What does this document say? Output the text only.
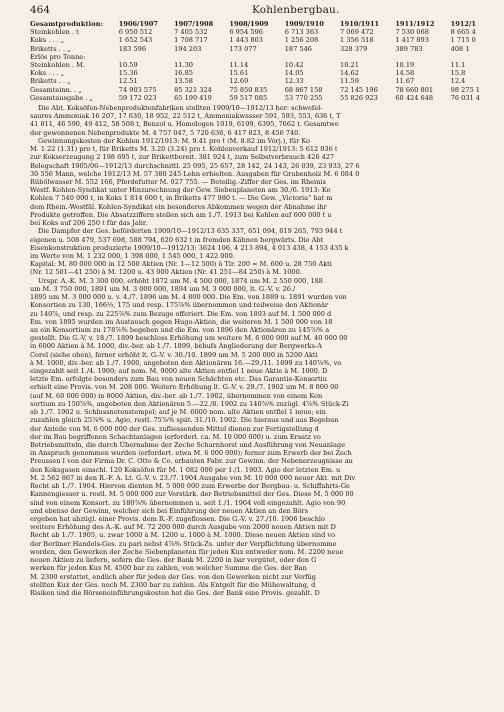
464	Kohlenbergbau.
Gesamtproduktion:	1906/1907	1907/1908	1908/1909	1909/1910	1910/1911	1911/1912	1912/1
Steinkohlen . t	6 950 512	7 405 532	6 954 596	6 713 363	7 069 472	7 530 068	8 665 4
Koks . . . „	1 652 543	1 708 717	1 443 803	1 256 208	1 356 518	1 417 893	1 715 0
Briketts . . „	183 596	194 203	173 077	187 546	328 379	389 783	408 1
Erlös pro Tonne:							
Steinkohlen . M.	10.59	11.30	11.14	10.42	10.21	10.19	11.1
Koks . . . „	15.36	16.85	15.61	14.05	14.62	14.58	15.8
Briketts . . „	12.51	13.58	12.69	12.33	11.59	11.67	12.4
Gesamteinn. . „	74 903 575	85 321 324	75 850 835	68 867 158	72 145 196	78 660 801	98 275 1
Gesamtausgabe . „	59 172 023	65 190 419	59 517 085	53 770 255	55 826 923	60 424 648	76 031 4

Die Abt. Koksöfen-Nebenproduktenfabriken stellten 1909/10—1912/13 her: schwefel-

saures Ammoniak 16 207, 17 630, 18 952, 22 512 t, Ammoniakwasser 591, 593, 553, 636 t, T

41 811, 46 590, 49 412, 58 508 t, Benzol u. Homologen 1019, 6199, 6395, 7662 t. Gesamtwe

der gewonnenen Nebenprodukte M. 4 757 047, 5 720 636, 6 417 823, 8 456 740.

Gewinnungskosten der Kohlen 1912/1913: M. 9.41 pro t (M. 8.82 im Vorj.), für Ko

M. 1.22 (1.31) pro t, für Briketts M. 3.20 (3.24) pro t. Kohlenverkauf 1912/1913: 5 612 036 t

zur Kokserzeugung 2 198 695 t, zur Brikettbereit. 381 924 t, zum Selbstverbrauch 426 427

Belegschaft 1905/06—1912/13 durchschnittl. 25 095, 25 657, 28 142, 24 143, 26 039, 23 933, 27 6

30 556 Mann, welche 1912/13 M. 57 380 245 Lohn erhielten. Ausgaben für Grubenholz M. 6 084 0

Rübölwasser M. 552 166, Pferdefutter M. 927 755. — Beteilig.-Ziffer der Ges. im Rheinis

Westf. Kohlen-Syndikat unter Hinzurechnung der Gew. Siebenplaneten am 30./6. 1913: Ko

Kohlen 7 540 000 t, in Koks 1 814 600 t, in Briketts 477 980 t. — Die Gew. „Victoria“ hat m

dem Rhein.-Westfäl. Kohlen-Syndikat ein besonderes Abkommen wegen der Abnahme ihr

Produkte getroffen. Die Absatzziffern stellen sich am 1./7. 1913 bei Kohlen auf 600 000 t u

bei Koks auf 206 250 t für das Jahr.

Die Dampfer der Ges. beförderten 1909/10—1912/13 635 337, 651 094, 619 265, 793 944 t

eigenen u. 508 479, 537 698, 588 794, 620 632 t in fremden Kähnen bergwärts. Die Abt

Eisenkonstruktion produzierte 1909/10—1912/13: 3624 106, 4 213 894, 4 013 438, 4 153 435 k

im Werte von M. 1 232 000, 1 398 000, 1 545 000, 1 422 000.

Kapital: M. 80 000 000 in 12 500 Aktien (Nr. 1—12 500) à Tlr. 200 = M. 600 u. 28 750 Akti

(Nr. 12 501—41 250) à M. 1200 u. 43 000 Aktien (Nr. 41 251—84 250) à M. 1000.

Urspr. A.-K. M. 3 300 000, erhöht 1872 um M. 4 500 000, 1874 um M. 2 550 000, 188

um M. 3 750 000, 1891 um M. 3 000 000, 1894 um M. 3 000 000, lt. G.-V. v. 26./

1895 um M. 3 000 000 u. v. 4./7. 1896 um M. 4 800 000. Die Em. von 1889 u. 1891 wurden von

Konsortien zu 130, 166⅔, 175 und resp. 175⅞% übernommen und teilweise den Aktionär

zu 140⅞, und resp. zu 225⅞% zum Bezuge offeriert. Die Em. von 1893 auf M. 1 500 000 d

Em. von 1895 wurden im Austausch gegen Hugo-Aktien, die weiteren M. 1 500 000 von 18

an ein Konsortium zu 178⅞% begeben und die Em. von 1896 den Aktionären zu 145⅞% a

gestellt. Die G.-V. v. 18./7. 1899 beschloss Erhöhung um weitere M. 6 000 000 auf M. 40 000 00

in 6000 Aktien à M. 1000, div.-ber. ab 1./7. 1899, behufs Angliederung der Bergwerks-A

Corel (siehe oben), ferner erhöht lt. G.-V. v. 30./10. 1899 um M. 5 200 000 in 5200 Akti

à M. 1000, div.-ber. ab 1./7. 1900, angeboten den Aktionären 16.—29./11. 1899 zu 140⅞%, vo

eingezahlt seit 1./4. 1900; auf nom. M. 9000 alte Aktien entfiel 1 neue Aktie à M. 1000. D

letzte Em. erfolgte besonders zum Bau von neuen Schächten etc. Das Garantie-Konsortiu

erhielt eine Provis. von M. 208 000. Weitere Erhöhung lt. G.-V. v. 29./7. 1902 um M. 8 000 00

(auf M. 60 000 000) in 8000 Aktien, div.-ber. ab 1./7. 1902, übernommen von einem Kon

sortium zu 150⅞%, angeboten den Aktionären 5.—22./8. 1902 zu 140⅞% zuzügl. 4⅞% Stück-Zi

ab 1./7. 1902 u. Schlussnotenstempel; auf je M. 6000 nom. alte Aktien entfiel 1 neue; ein

zuzahlen gleich 25⅞% u. Agio, restl. 75⅞% spät. 31./10. 1902. Die hieraus und aus Begebun

der Anteile von M. 6 000 000 der Ges. zufliessenden Mittel dienen zur Fertigstellung d

der im Bau begriffenen Schachtanlagen (erforderl. ca. M. 10 000 000) u. zum Ersatz vo

Betriebsmitteln, die durch Übernahme der Zeche Scharnhorst und Ausführung von Neuanlage

in Anspruch genommen wurden (erfordert. etwa M. 6 000 000); ferner zum Erwerb der bei Zech

Preussen I von der Firma Dr. C. Otto & Co. erbauten Fabr. zur Gewinn. der Nebenerzeugnisse au

den Koksgasen einschl. 120 Koksöfen für M. 1 082 000 per 1./1. 1903. Agio der letzten Em. u

M. 2 562 867 in den R.-F. A. Lt. G.-V. v. 23./7. 1904 Ausgabe von M. 10 000 000 neuer Akt. mit Div

Recht ab 1./7. 1904. Hiervon dienten M. 5 000 000 zum Erwerbe der Bergbau- u. Schiffahrts-Ge

Kannengiesser u. restl. M. 5 000 000 zur Verstärk. der Betriebsmittel der Ges. Diese M. 5 000 00

sind von einem Konsort. zu 180⅞% übernommen u. seit 1./1. 1904 voll eingezahlt. Agio von 90

und ebenso der Gewinn, welcher sich bei Einführung der neuen Aktien an den Börs

ergeben hat abzügl. einer Provis. dem R.-F. zugeflossen. Die G.-V. v. 27./10. 1906 beschlo

weitere Erhöhung des A.-K. auf M. 72 200 000 durch Ausgabe von 2000 neuen Aktien mit D

Recht ab 1./7. 1905, u. zwar 1000 à M. 1200 u. 1000 à M. 1000. Diese neuen Aktien sind vo

der Berliner Handels-Ges. zu pari nebst 4⅞% Stück-Zs. unter der Verpflichtung übernomme

worden, den Gewerken der Zeche Siebenplaneten für jeden Kux entweder nom. M. 2200 neue

neuen Aktien zu liefern, sofern die Ges. der Bank M. 2200 in bar vergütet, oder den G

werken für jeden Kux M. 4500 bar zu zahlen, von welcher Summe die Ges. der Ban

M. 2300 erstattet, endlich aber für jeden der Ges. von den Gewerken nicht zur Verfüg

stellten Kux der Ges. noch M. 2300 bar zu zahlen. Als Entgelt für die Mühewaltung, d

Risiken und die Börseneinführungskosten hat die Ges. der Bank eine Provis. gezahlt. D
